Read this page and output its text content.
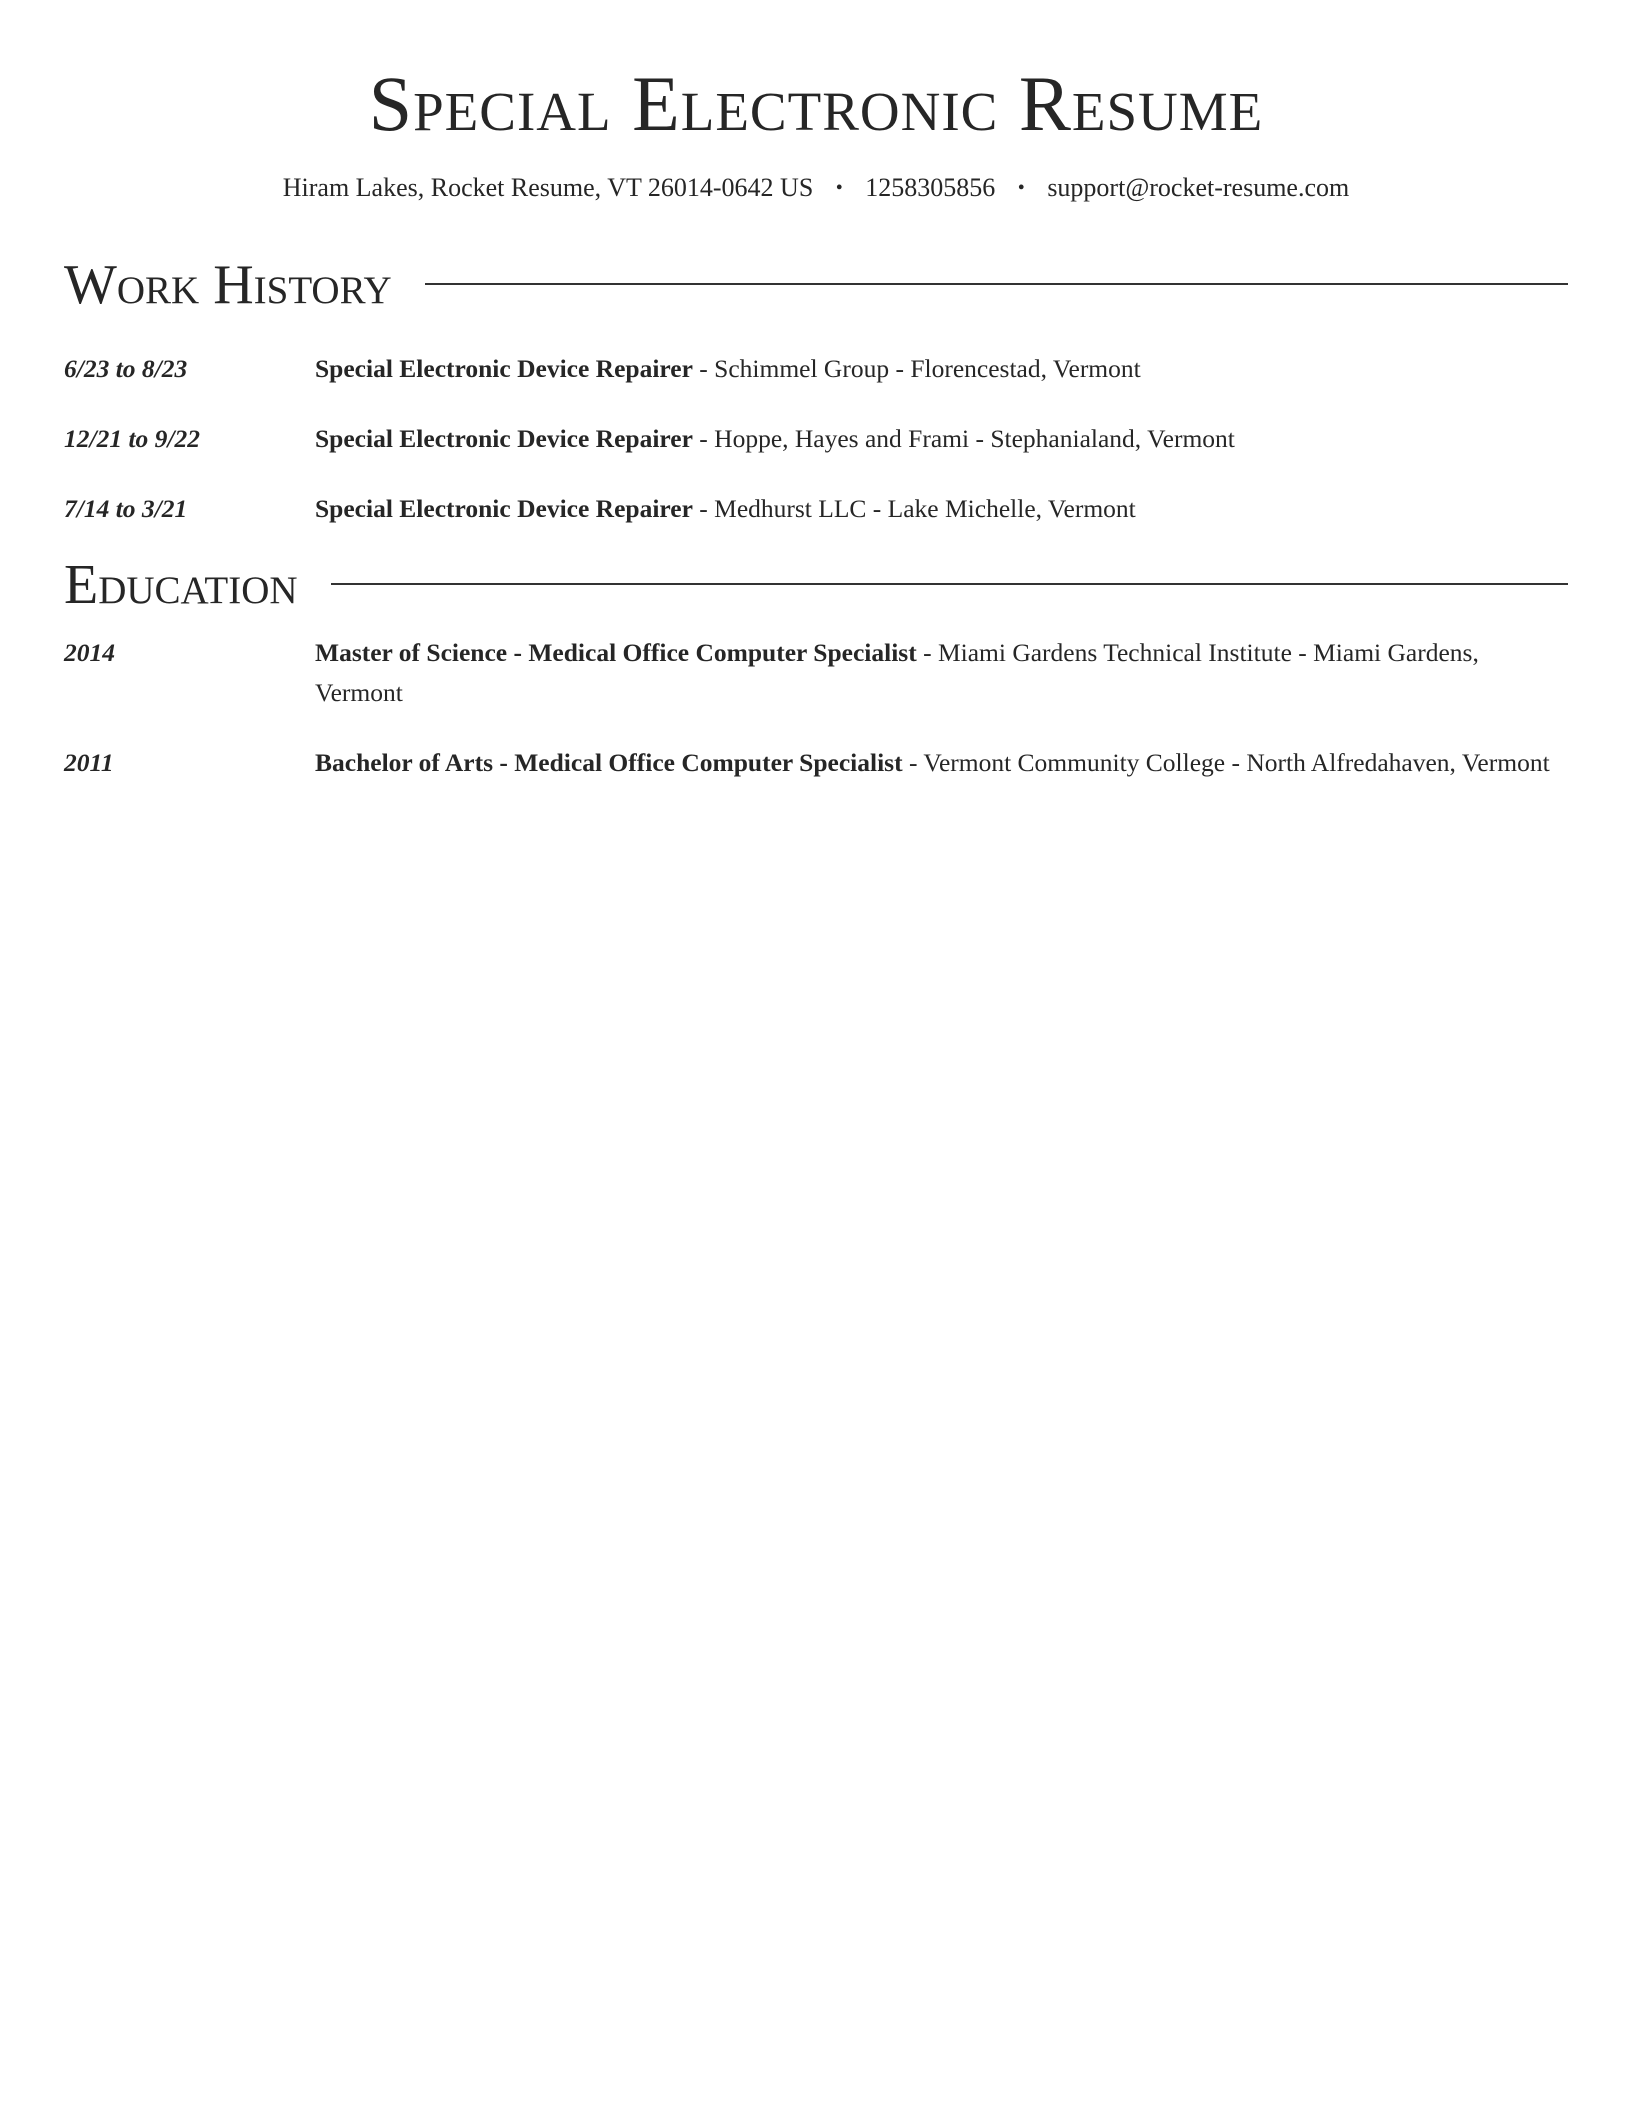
Special Electronic Resume
Hiram Lakes, Rocket Resume, VT 26014-0642 US • 1258305856 • support@rocket-resume.com
Work History
6/23 to 8/23	Special Electronic Device Repairer - Schimmel Group - Florencestad, Vermont
12/21 to 9/22	Special Electronic Device Repairer - Hoppe, Hayes and Frami - Stephanialand, Vermont
7/14 to 3/21	Special Electronic Device Repairer - Medhurst LLC - Lake Michelle, Vermont
Education
2014	Master of Science - Medical Office Computer Specialist - Miami Gardens Technical Institute - Miami Gardens, Vermont
2011	Bachelor of Arts - Medical Office Computer Specialist - Vermont Community College - North Alfredahaven, Vermont
